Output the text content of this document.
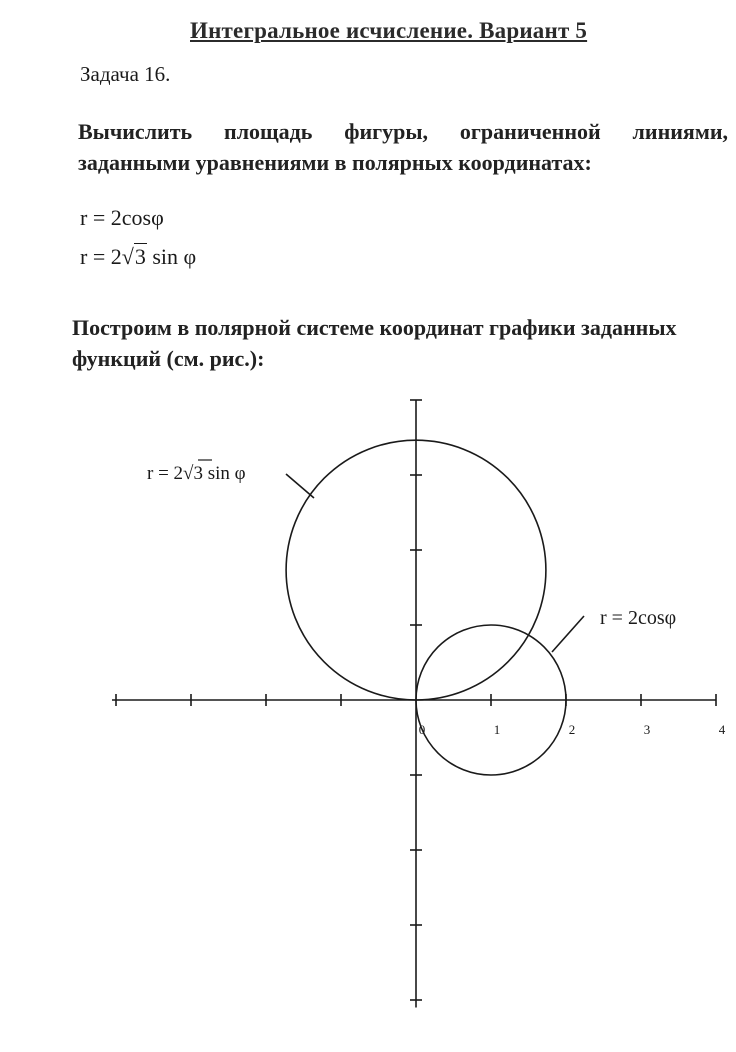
Интегральное исчисление. Вариант 5
Задача 16.
Вычислить площадь фигуры, ограниченной линиями, заданными уравнениями в полярных координатах:
r = 2cosφ
r = 2√3 sin φ
Построим в полярной системе координат графики заданных функций (см. рис.):
0	1	2	3	4
r = 2√3 sin φ
r = 2cosφ
